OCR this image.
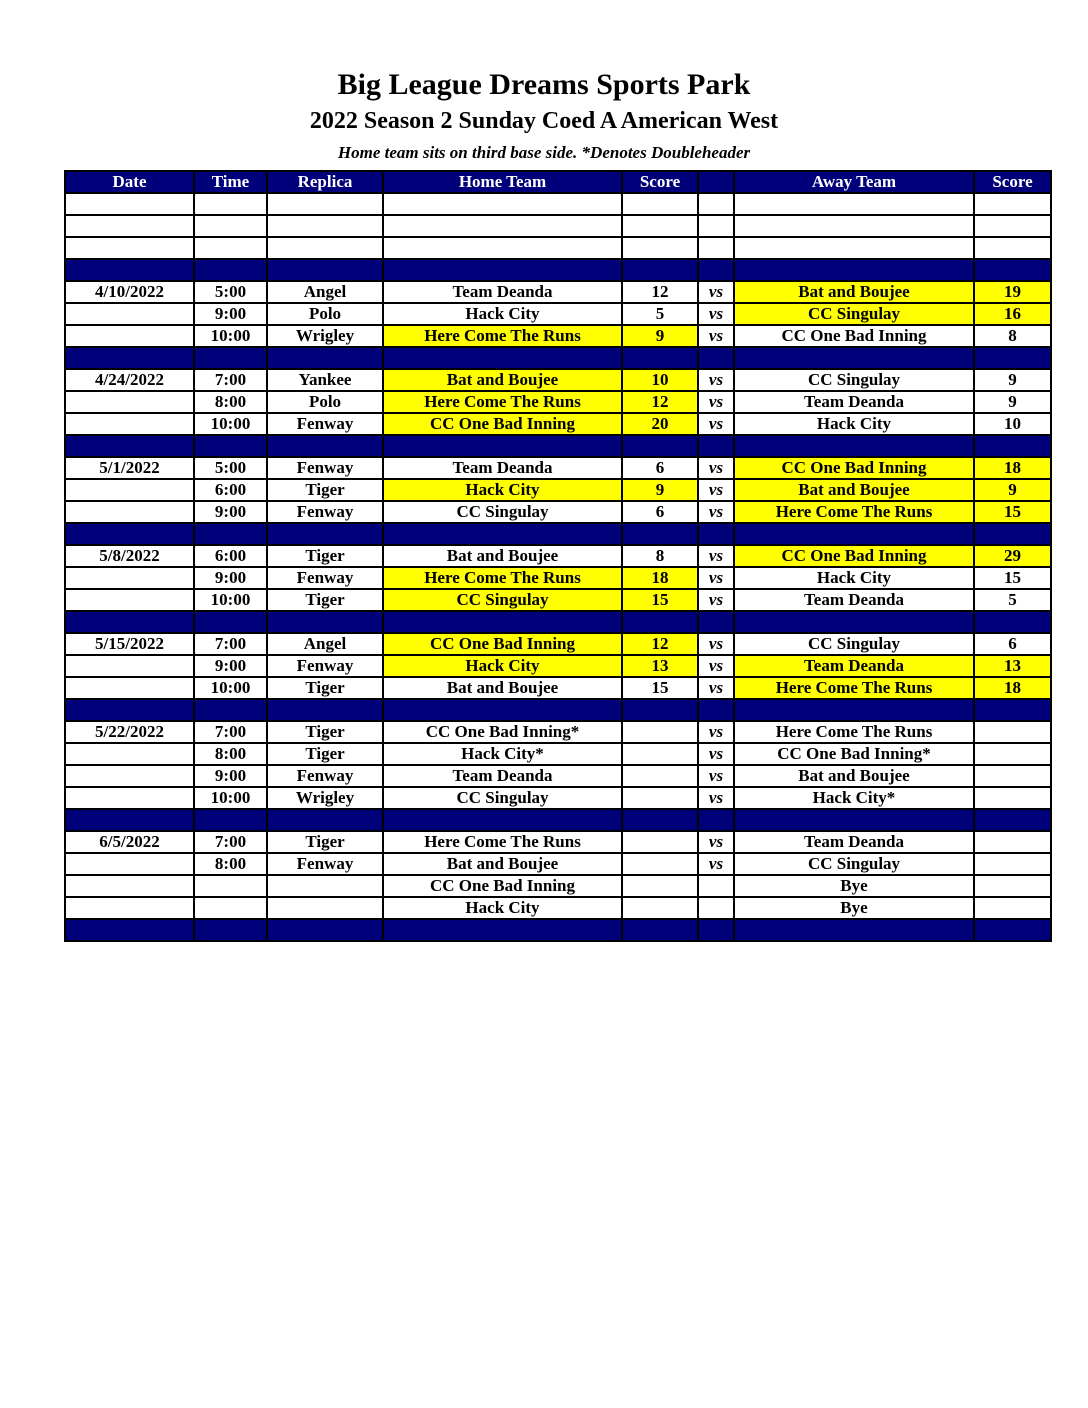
Big League Dreams Sports Park
2022 Season 2 Sunday Coed A American West
Home team sits on third base side. *Denotes Doubleheader
Date	Time	Replica	Home Team	Score		Away Team	Score

4/10/2022	5:00	Angel	Team Deanda	12	vs	Bat and Boujee	19
	9:00	Polo	Hack City	5	vs	CC Singulay	16
	10:00	Wrigley	Here Come The Runs	9	vs	CC One Bad Inning	8

4/24/2022	7:00	Yankee	Bat and Boujee	10	vs	CC Singulay	9
	8:00	Polo	Here Come The Runs	12	vs	Team Deanda	9
	10:00	Fenway	CC One Bad Inning	20	vs	Hack City	10

5/1/2022	5:00	Fenway	Team Deanda	6	vs	CC One Bad Inning	18
	6:00	Tiger	Hack City	9	vs	Bat and Boujee	9
	9:00	Fenway	CC Singulay	6	vs	Here Come The Runs	15

5/8/2022	6:00	Tiger	Bat and Boujee	8	vs	CC One Bad Inning	29
	9:00	Fenway	Here Come The Runs	18	vs	Hack City	15
	10:00	Tiger	CC Singulay	15	vs	Team Deanda	5

5/15/2022	7:00	Angel	CC One Bad Inning	12	vs	CC Singulay	6
	9:00	Fenway	Hack City	13	vs	Team Deanda	13
	10:00	Tiger	Bat and Boujee	15	vs	Here Come The Runs	18

5/22/2022	7:00	Tiger	CC One Bad Inning*		vs	Here Come The Runs	
	8:00	Tiger	Hack City*		vs	CC One Bad Inning*	
	9:00	Fenway	Team Deanda		vs	Bat and Boujee	
	10:00	Wrigley	CC Singulay		vs	Hack City*	

6/5/2022	7:00	Tiger	Here Come The Runs		vs	Team Deanda	
	8:00	Fenway	Bat and Boujee		vs	CC Singulay	
			CC One Bad Inning			Bye	
			Hack City			Bye	
